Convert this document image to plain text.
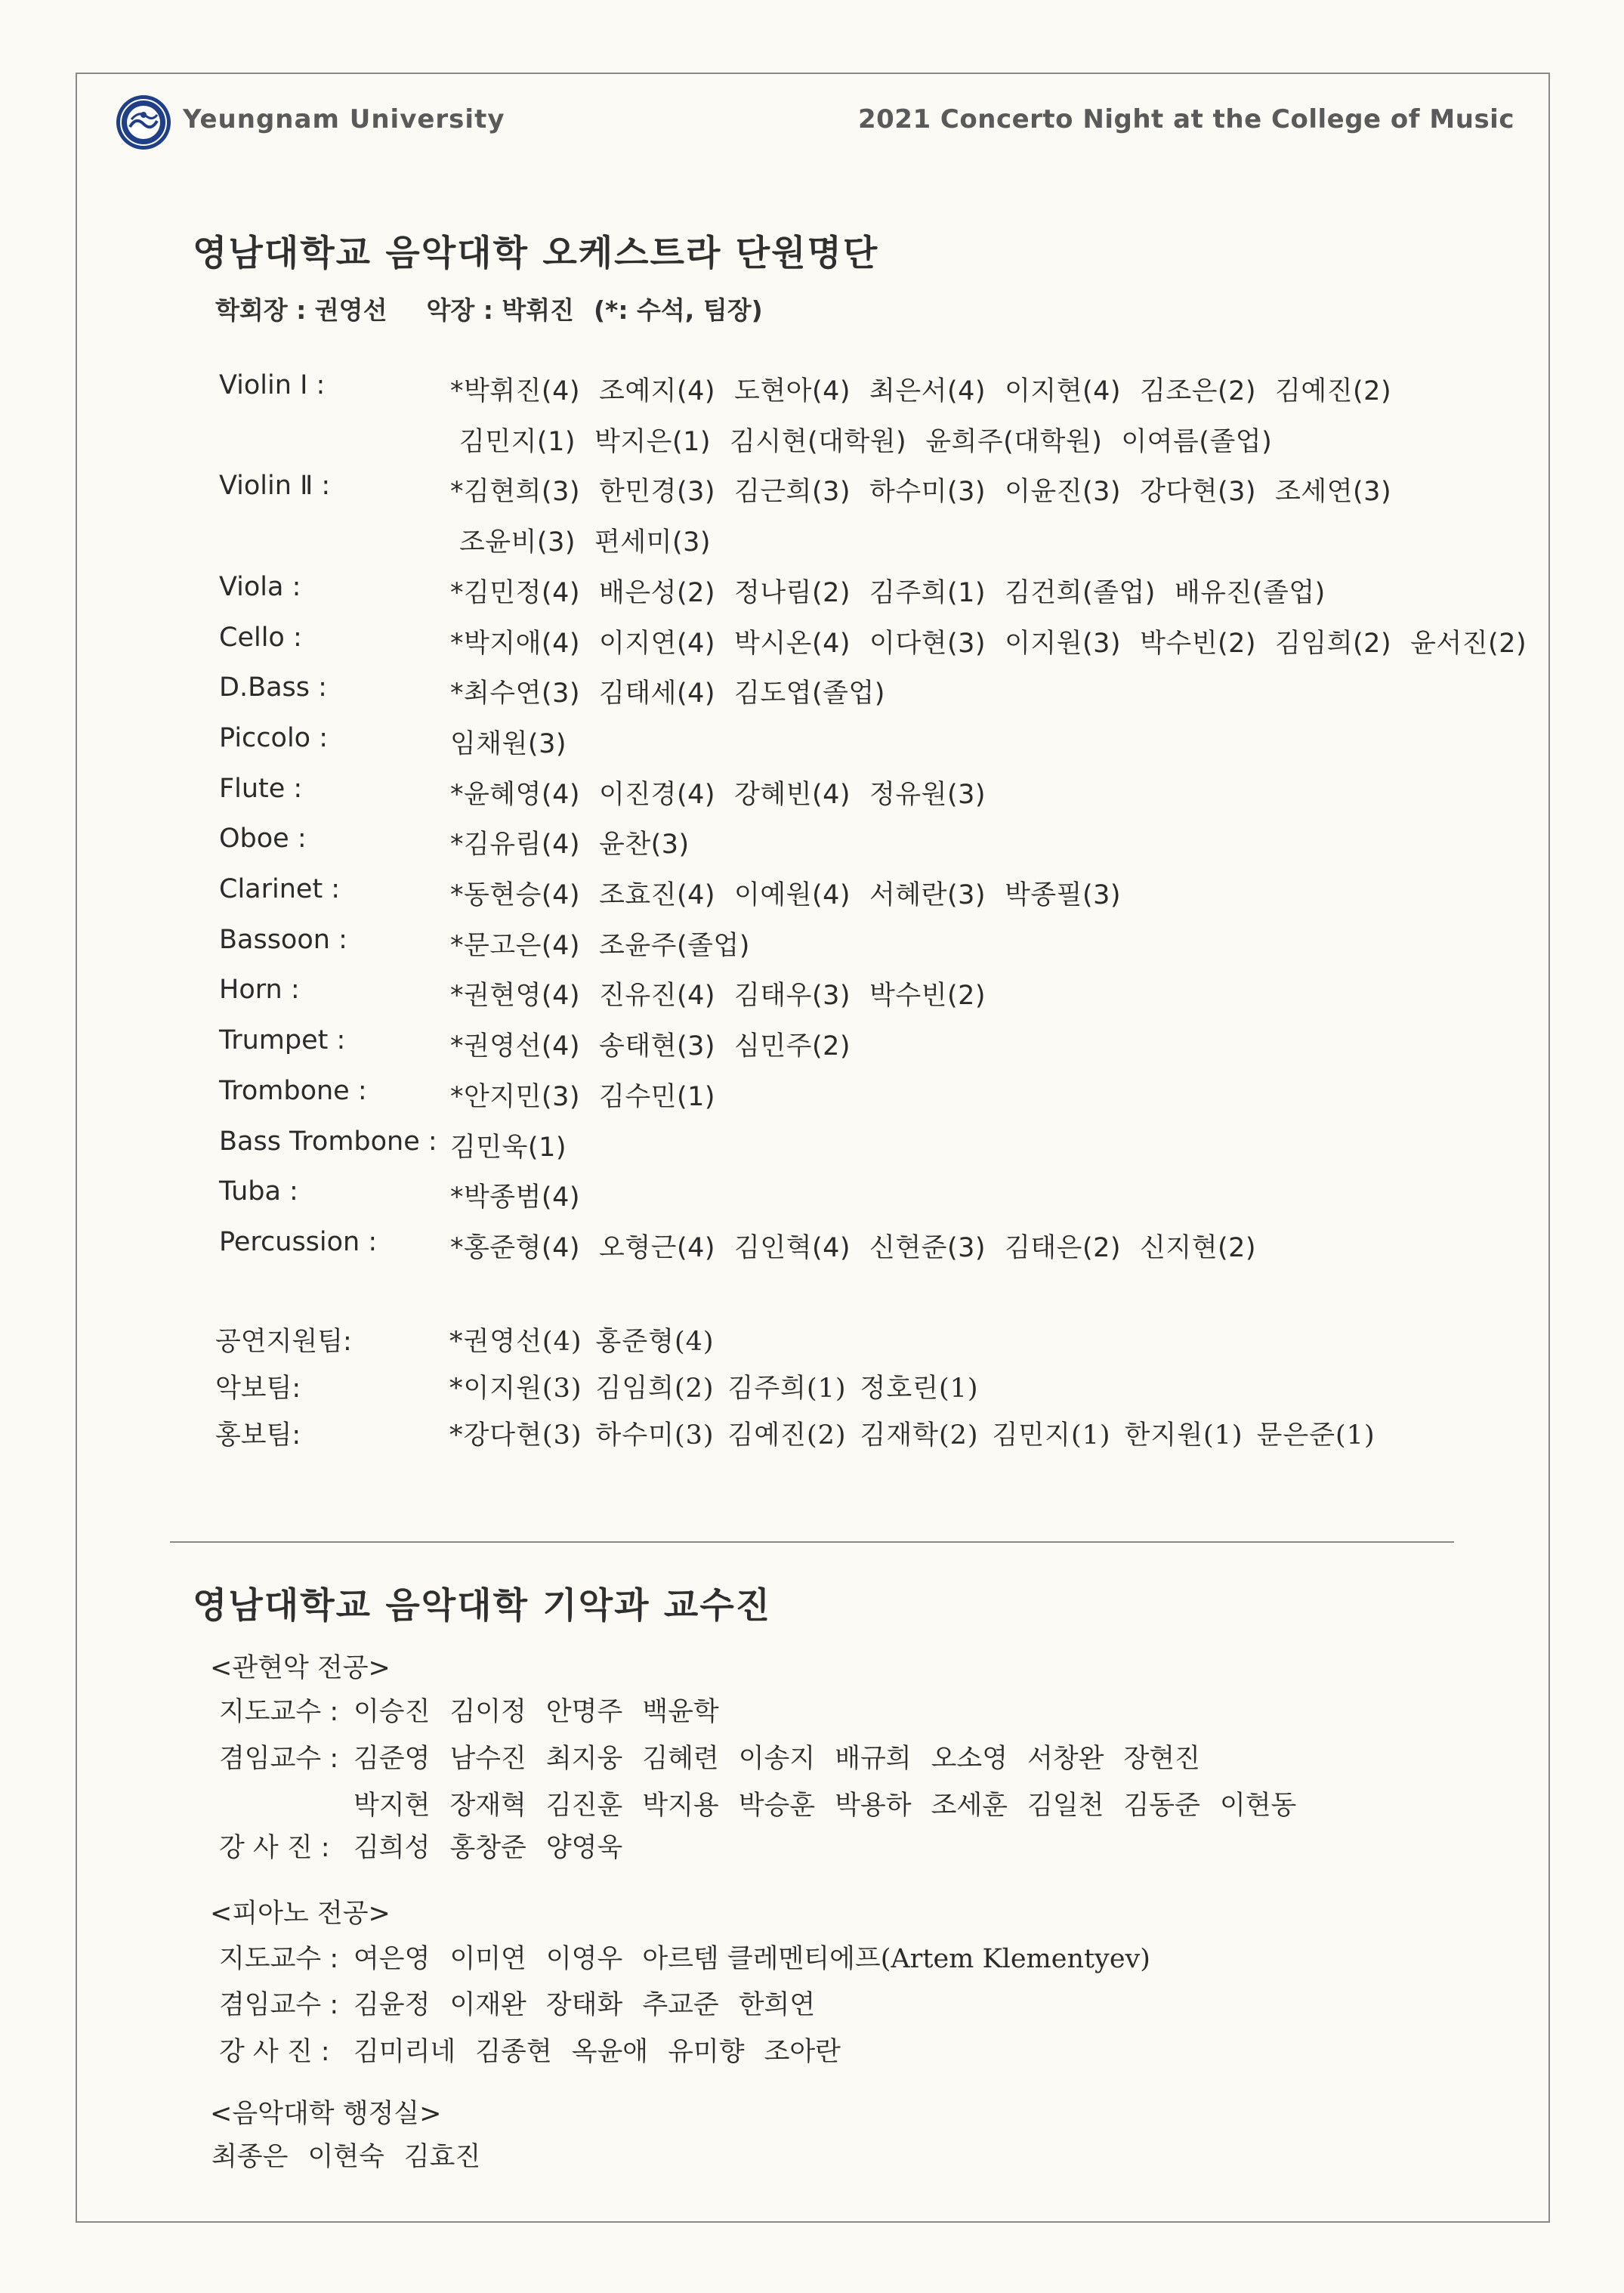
Yeungnam University	2021 Concerto Night at the College of Music
영남대학교 음악대학 오케스트라 단원명단
학회장 : 권영선 악장 : 박휘진 (*: 수석, 팀장)
Violin Ⅰ :	*박휘진(4) 조예지(4) 도현아(4) 최은서(4) 이지현(4) 김조은(2) 김예진(2)
김민지(1) 박지은(1) 김시현(대학원) 윤희주(대학원) 이여름(졸업)
Violin Ⅱ :	*김현희(3) 한민경(3) 김근희(3) 하수미(3) 이윤진(3) 강다현(3) 조세연(3)
조윤비(3) 편세미(3)
Viola :	*김민정(4) 배은성(2) 정나림(2) 김주희(1) 김건희(졸업) 배유진(졸업)
Cello :	*박지애(4) 이지연(4) 박시온(4) 이다현(3) 이지원(3) 박수빈(2) 김임희(2) 윤서진(2)
D.Bass :	*최수연(3) 김태세(4) 김도엽(졸업)
Piccolo :	임채원(3)
Flute :	*윤혜영(4) 이진경(4) 강혜빈(4) 정유원(3)
Oboe :	*김유림(4) 윤찬(3)
Clarinet :	*동현승(4) 조효진(4) 이예원(4) 서혜란(3) 박종필(3)
Bassoon :	*문고은(4) 조윤주(졸업)
Horn :	*권현영(4) 진유진(4) 김태우(3) 박수빈(2)
Trumpet :	*권영선(4) 송태현(3) 심민주(2)
Trombone :	*안지민(3) 김수민(1)
Bass Trombone : 김민욱(1)
Tuba :	*박종범(4)
Percussion :	*홍준형(4) 오형근(4) 김인혁(4) 신현준(3) 김태은(2) 신지현(2)
공연지원팀:	*권영선(4) 홍준형(4)
악보팀:	*이지원(3) 김임희(2) 김주희(1) 정호린(1)
홍보팀:	*강다현(3) 하수미(3) 김예진(2) 김재학(2) 김민지(1) 한지원(1) 문은준(1)
영남대학교 음악대학 기악과 교수진
<관현악 전공>
지도교수 : 이승진 김이정 안명주 백윤학
겸임교수 : 김준영 남수진 최지웅 김혜련 이송지 배규희 오소영 서창완 장현진
박지현 장재혁 김진훈 박지용 박승훈 박용하 조세훈 김일천 김동준 이현동
강 사 진 : 김희성 홍창준 양영욱
<피아노 전공>
지도교수 : 여은영 이미연 이영우 아르템 클레멘티에프(Artem Klementyev)
겸임교수 : 김윤정 이재완 장태화 추교준 한희연
강 사 진 : 김미리네 김종현 옥윤애 유미향 조아란
<음악대학 행정실>
최종은 이현숙 김효진
